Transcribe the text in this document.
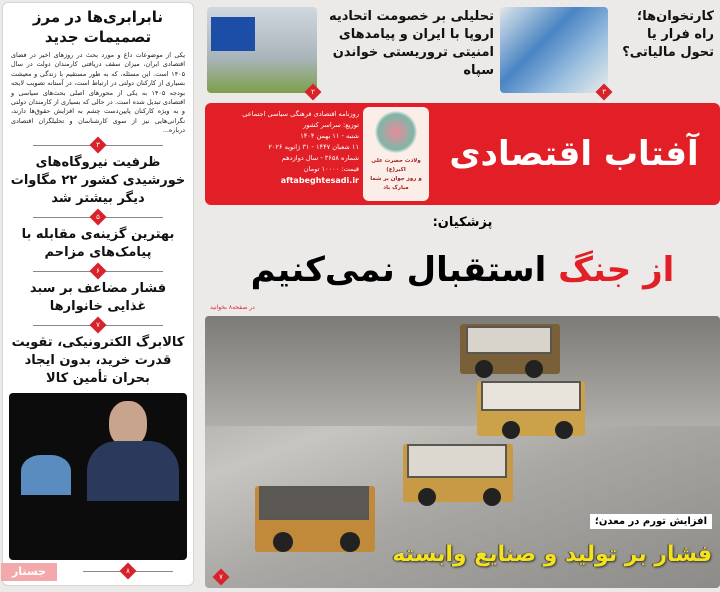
نابرابری‌ها در مرز تصمیمات جدید
یکی از موضوعات داغ و مورد بحث در روزهای اخیر در فضای اقتصادی ایران، میزان سقف دریافتی کارمندان دولت در سال ۱۴۰۵ است. این مسئله، که به طور مستقیم با زندگی و معیشت بسیاری از کارکنان دولتی در ارتباط است، در آستانه تصویب لایحه بودجه ۱۴۰۵ به یکی از محورهای اصلی بحث‌های سیاسی و اقتصادی تبدیل شده است. در حالی که بسیاری از کارمندان دولتی و به ویژه کارکنان پایین‌دست چشم به افزایش حقوق‌ها دارند، نگرانی‌هایی نیز از سوی کارشناسان و تحلیلگران اقتصادی درباره...
۳
ظرفیت نیروگاه‌های خورشیدی کشور ۲۲ مگاوات دیگر بیشتر شد
۵
بهترین گزینه‌ی مقابله با پیامک‌های مزاحم
۶
فشار مضاعف بر سبد غذایی خانوارها
۷
کالابرگ الکترونیکی، تقویت قدرت خرید، بدون ایجاد بحران تأمین کالا
جستار	۸
کارتخوان‌ها؛ راه فرار یا تحول مالیاتی؟
۳
تحلیلی بر خصومت اتحادیه اروپا با ایران و پیامدهای امنیتی تروریستی خواندن سپاه
۲
آفتاب اقتصادی
روزنامه اقتصادی فرهنگی سیاسی اجتماعی
توزیع: سراسر کشور
شنبه - ۱۱ بهمن ۱۴۰۴
۱۱ شعبان ۱۴۴۷ - ۳۱ ژانویه ۲۰۲۶
شماره ۳۶۵۸ - سال دوازدهم
قیمت: ۱۰۰۰۰ تومان
aftabeghtesadi.ir
ولادت حضرت علی اکبر(ع)
و روز جوان بر شما مبارک باد
پزشکیان:
از جنگ استقبال نمی‌کنیم
در صفحه۸ بخوانید
افزایش تورم در معدن؛
فشار بر تولید و صنایع وابسته
۷
